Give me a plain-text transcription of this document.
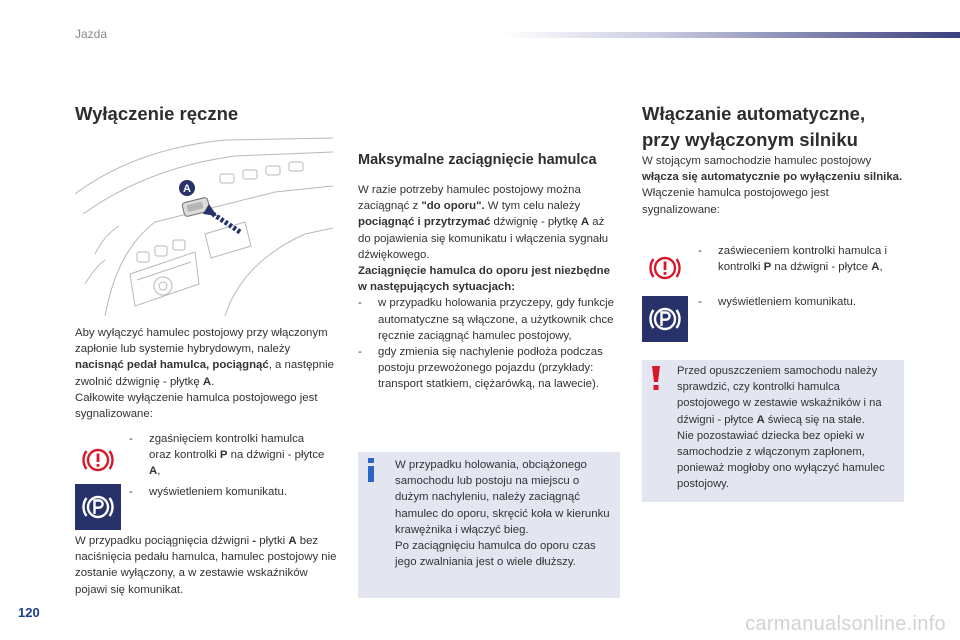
Jazda
Wyłączenie ręczne
A
Aby wyłączyć hamulec postojowy przy włączonym zapłonie lub systemie hybrydowym, należy nacisnąć pedał hamulca, pociągnąć, a następnie zwolnić dźwignię - płytkę A.
Całkowite wyłączenie hamulca postojowego jest sygnalizowane:
- zgaśnięciem kontrolki hamulca oraz kontrolki P na dźwigni - płytce A,
- wyświetleniem komunikatu.
W przypadku pociągnięcia dźwigni - płytki A bez naciśnięcia pedału hamulca, hamulec postojowy nie zostanie wyłączony, a w zestawie wskaźników pojawi się komunikat.
Maksymalne zaciągnięcie hamulca
W razie potrzeby hamulec postojowy można zaciągnąć z "do oporu". W tym celu należy pociągnąć i przytrzymać dźwignię - płytkę A aż do pojawienia się komunikatu i włączenia sygnału dźwiękowego.
Zaciągnięcie hamulca do oporu jest niezbędne w następujących sytuacjach:
- w przypadku holowania przyczepy, gdy funkcje automatyczne są włączone, a użytkownik chce ręcznie zaciągnąć hamulec postojowy,
- gdy zmienia się nachylenie podłoża podczas postoju przewożonego pojazdu (przykłady: transport statkiem, ciężarówką, na lawecie).
W przypadku holowania, obciążonego samochodu lub postoju na miejscu o dużym nachyleniu, należy zaciągnąć hamulec do oporu, skręcić koła w kierunku krawężnika i włączyć bieg.
Po zaciągnięciu hamulca do oporu czas jego zwalniania jest o wiele dłuższy.
Włączanie automatyczne,
przy wyłączonym silniku
W stojącym samochodzie hamulec postojowy włącza się automatycznie po wyłączeniu silnika.
Włączenie hamulca postojowego jest sygnalizowane:
- zaświeceniem kontrolki hamulca i kontrolki P na dźwigni - płytce A,
- wyświetleniem komunikatu.
Przed opuszczeniem samochodu należy sprawdzić, czy kontrolki hamulca postojowego w zestawie wskaźników i na dźwigni - płytce A świecą się na stałe.
Nie pozostawiać dziecka bez opieki w samochodzie z włączonym zapłonem, ponieważ mogłoby ono wyłączyć hamulec postojowy.
120
carmanualsonline.info
